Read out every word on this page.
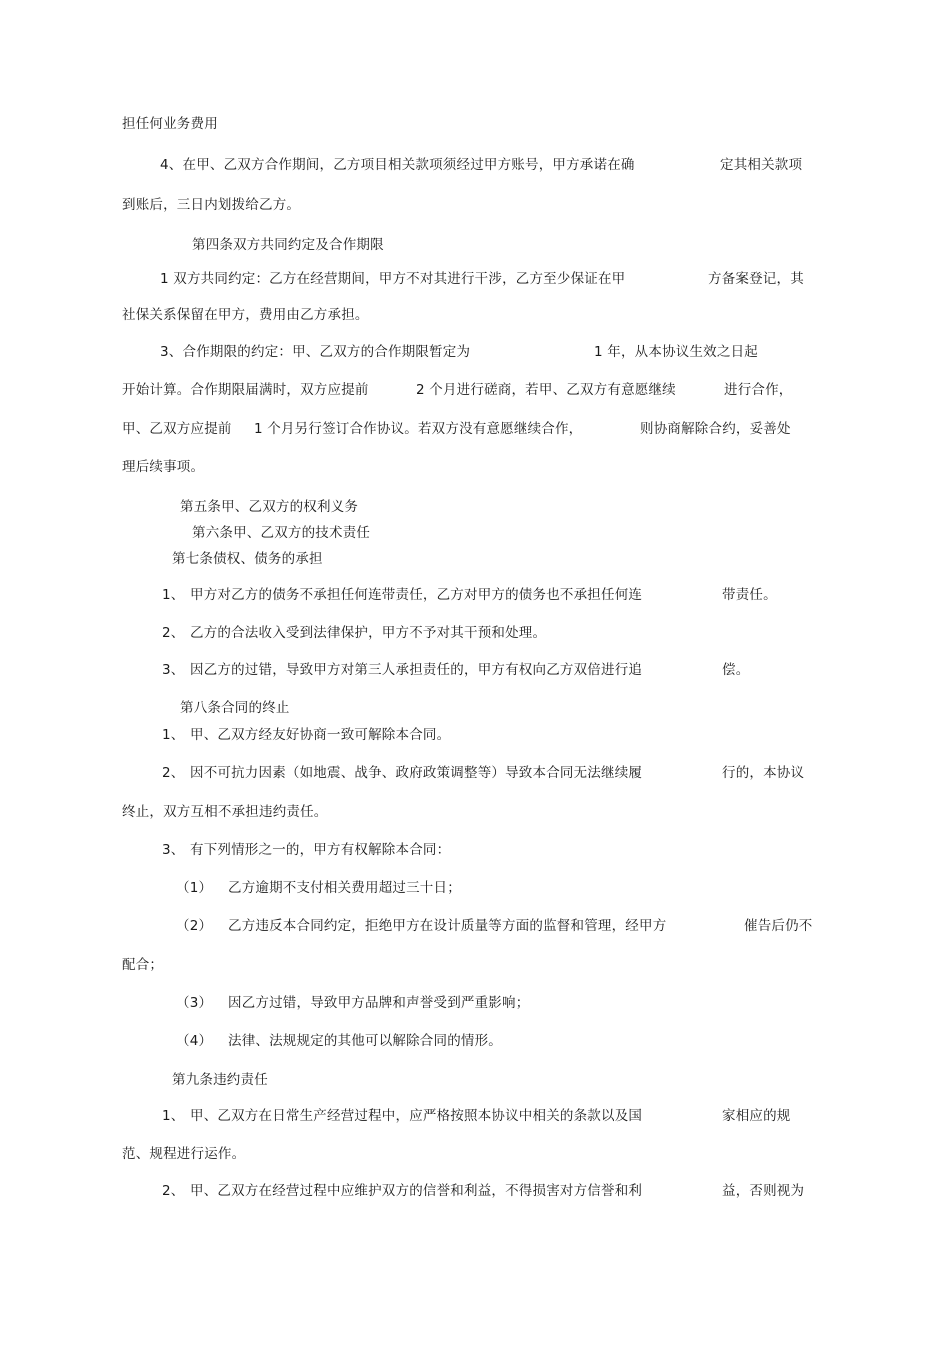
担任何业务费用
4、在甲、乙双方合作期间，乙方项目相关款项须经过甲方账号，甲方承诺在确	定其相关款项
到账后，三日内划拨给乙方。
第四条双方共同约定及合作期限
1 双方共同约定：乙方在经营期间，甲方不对其进行干涉，乙方至少保证在甲	方备案登记，其
社保关系保留在甲方，费用由乙方承担。
3、合作期限的约定：甲、乙双方的合作期限暂定为	1 年，从本协议生效之日起
开始计算。合作期限届满时，双方应提前	2 个月进行磋商，若甲、乙双方有意愿继续	进行合作，
甲、乙双方应提前 1 个月另行签订合作协议。若双方没有意愿继续合作，	则协商解除合约，妥善处
理后续事项。
第五条甲、乙双方的权利义务
第六条甲、乙双方的技术责任
第七条债权、债务的承担
1、 甲方对乙方的债务不承担任何连带责任，乙方对甲方的债务也不承担任何连	带责任。
2、 乙方的合法收入受到法律保护，甲方不予对其干预和处理。
3、 因乙方的过错，导致甲方对第三人承担责任的，甲方有权向乙方双倍进行追	偿。
第八条合同的终止
1、 甲、乙双方经友好协商一致可解除本合同。
2、 因不可抗力因素（如地震、战争、政府政策调整等）导致本合同无法继续履	行的，本协议
终止，双方互相不承担违约责任。
3、 有下列情形之一的，甲方有权解除本合同：
（1） 乙方逾期不支付相关费用超过三十日；
（2） 乙方违反本合同约定，拒绝甲方在设计质量等方面的监督和管理，经甲方	催告后仍不
配合；
（3） 因乙方过错，导致甲方品牌和声誉受到严重影响；
（4） 法律、法规规定的其他可以解除合同的情形。
第九条违约责任
1、 甲、乙双方在日常生产经营过程中，应严格按照本协议中相关的条款以及国	家相应的规
范、规程进行运作。
2、 甲、乙双方在经营过程中应维护双方的信誉和利益，不得损害对方信誉和利	益，否则视为
